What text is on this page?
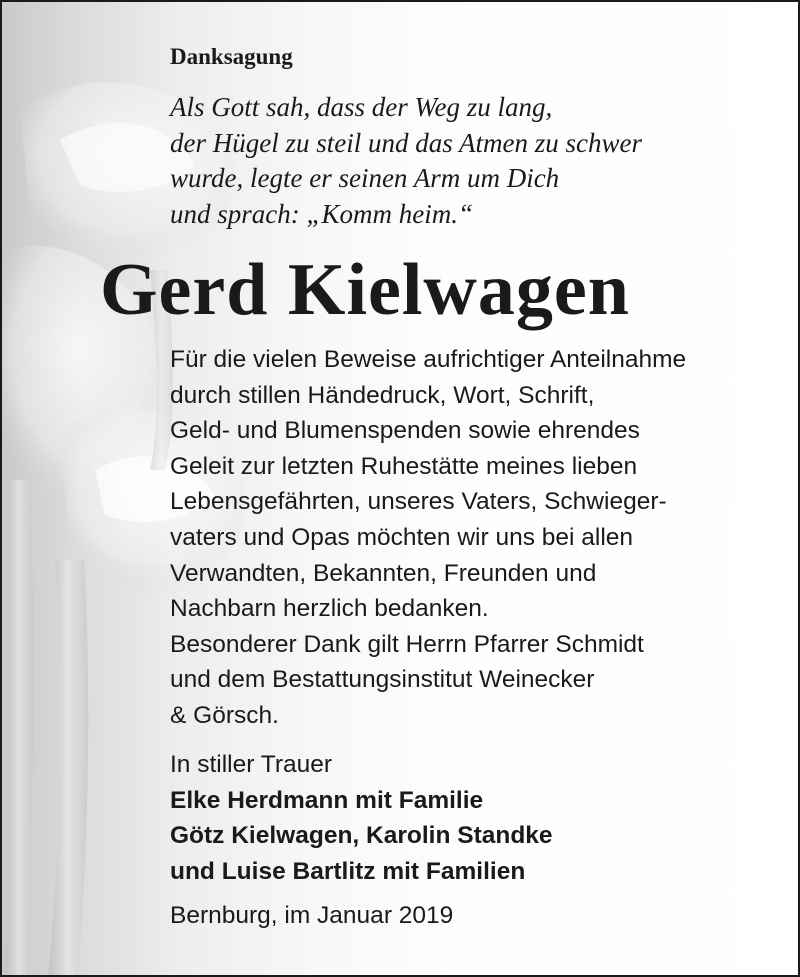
Danksagung

Als Gott sah, dass der Weg zu lang,
der Hügel zu steil und das Atmen zu schwer
wurde, legte er seinen Arm um Dich
und sprach: „Komm heim.“

Gerd Kielwagen

Für die vielen Beweise aufrichtiger Anteilnahme
durch stillen Händedruck, Wort, Schrift,
Geld- und Blumenspenden sowie ehrendes
Geleit zur letzten Ruhestätte meines lieben
Lebensgefährten, unseres Vaters, Schwieger-
vaters und Opas möchten wir uns bei allen
Verwandten, Bekannten, Freunden und
Nachbarn herzlich bedanken.
Besonderer Dank gilt Herrn Pfarrer Schmidt
und dem Bestattungsinstitut Weinecker
& Görsch.

In stiller Trauer
Elke Herdmann mit Familie
Götz Kielwagen, Karolin Standke
und Luise Bartlitz mit Familien

Bernburg, im Januar 2019
